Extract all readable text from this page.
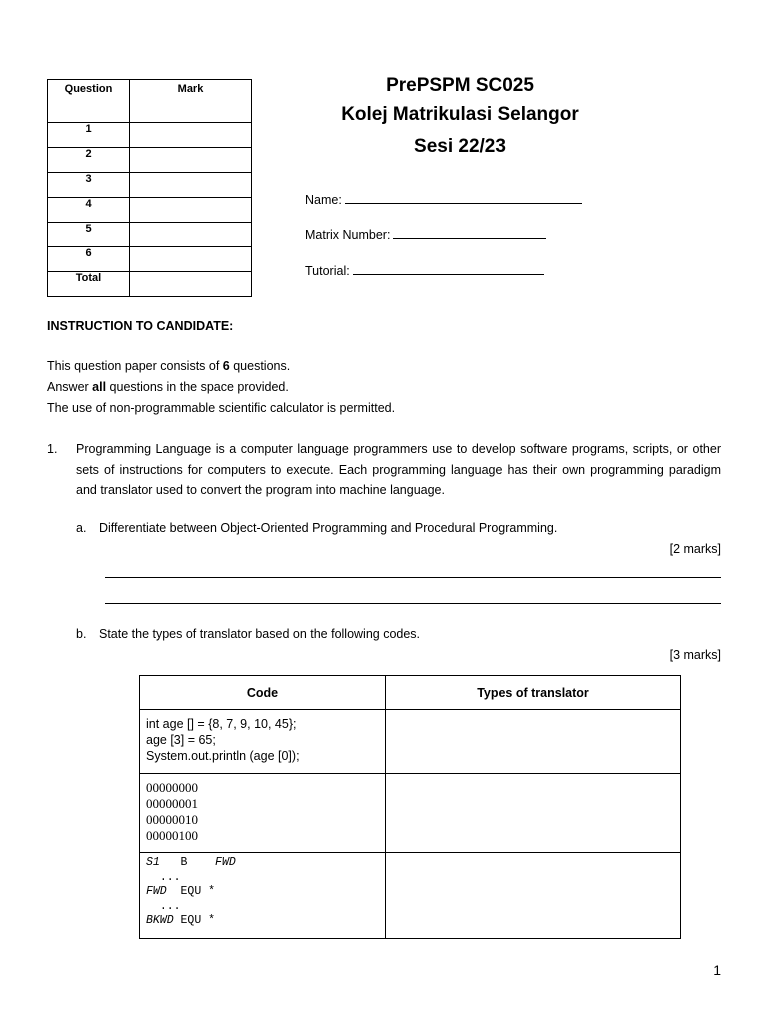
Question	Mark
1	
2	
3	
4	
5	
6	
Total	
PrePSPM SC025
Kolej Matrikulasi Selangor
Sesi 22/23
Name:
Matrix Number:
Tutorial:
INSTRUCTION TO CANDIDATE:
This question paper consists of 6 questions.
Answer all questions in the space provided.
The use of non-programmable scientific calculator is permitted.
1. Programming Language is a computer language programmers use to develop software programs, scripts, or other sets of instructions for computers to execute. Each programming language has their own programming paradigm and translator used to convert the program into machine language.
a. Differentiate between Object-Oriented Programming and Procedural Programming.
[2 marks]
b. State the types of translator based on the following codes.
[3 marks]
Code	Types of translator

int age [] = {8, 7, 9, 10, 45};
age [3] = 65;
System.out.println (age [0]);	

00000000
00000001
00000010
00000100	

S1 B FWD
...
FWD EQU *
...
BKWD EQU *	

1
